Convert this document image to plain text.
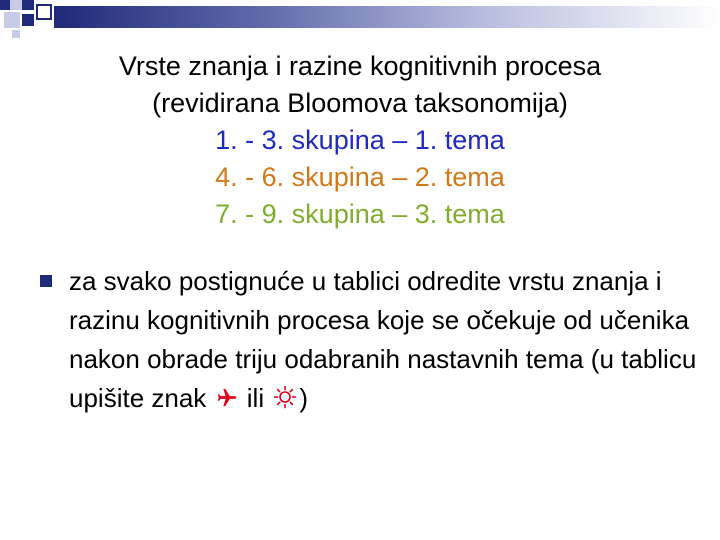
Vrste znanja i razine kognitivnih procesa
(revidirana Bloomova taksonomija)
1. - 3. skupina – 1. tema
4. - 6. skupina – 2. tema
7. - 9. skupina – 3. tema
za svako postignuće u tablici odredite vrstu znanja i razinu kognitivnih procesa koje se očekuje od učenika nakon obrade triju odabranih nastavnih tema (u tablicu upišite znak ili )
